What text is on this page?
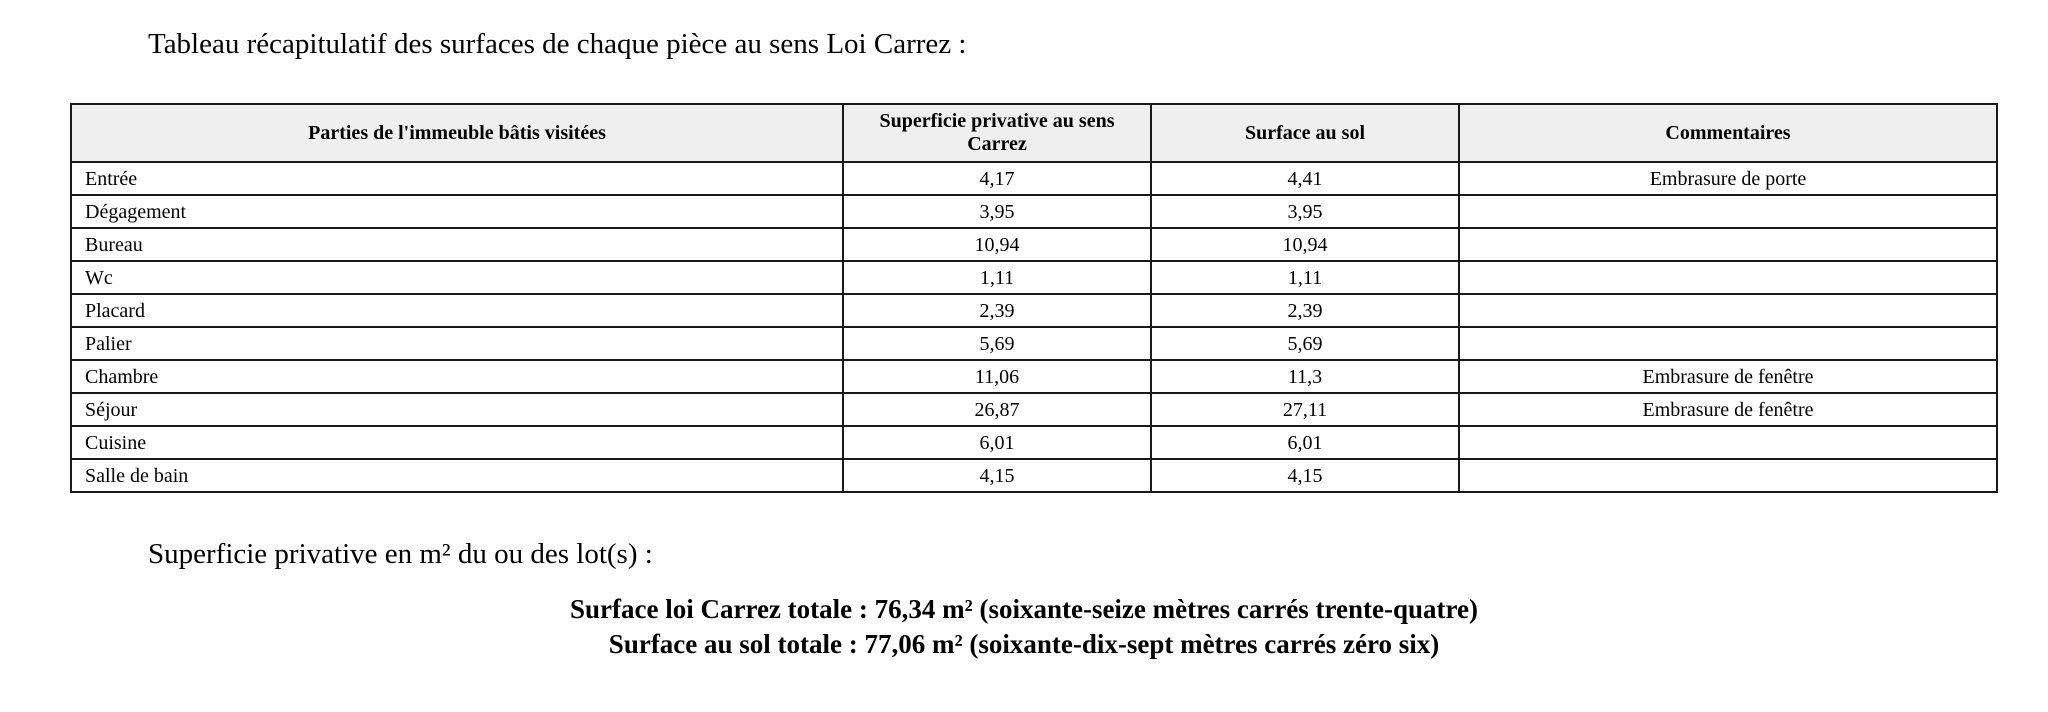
Tableau récapitulatif des surfaces de chaque pièce au sens Loi Carrez :
Parties de l'immeuble bâtis visitées	Superficie privative au sens Carrez	Surface au sol	Commentaires
Entrée	4,17	4,41	Embrasure de porte
Dégagement	3,95	3,95	
Bureau	10,94	10,94	
Wc	1,11	1,11	
Placard	2,39	2,39	
Palier	5,69	5,69	
Chambre	11,06	11,3	Embrasure de fenêtre
Séjour	26,87	27,11	Embrasure de fenêtre
Cuisine	6,01	6,01	
Salle de bain	4,15	4,15	
Superficie privative en m² du ou des lot(s) :
Surface loi Carrez totale : 76,34 m² (soixante-seize mètres carrés trente-quatre)
Surface au sol totale : 77,06 m² (soixante-dix-sept mètres carrés zéro six)
